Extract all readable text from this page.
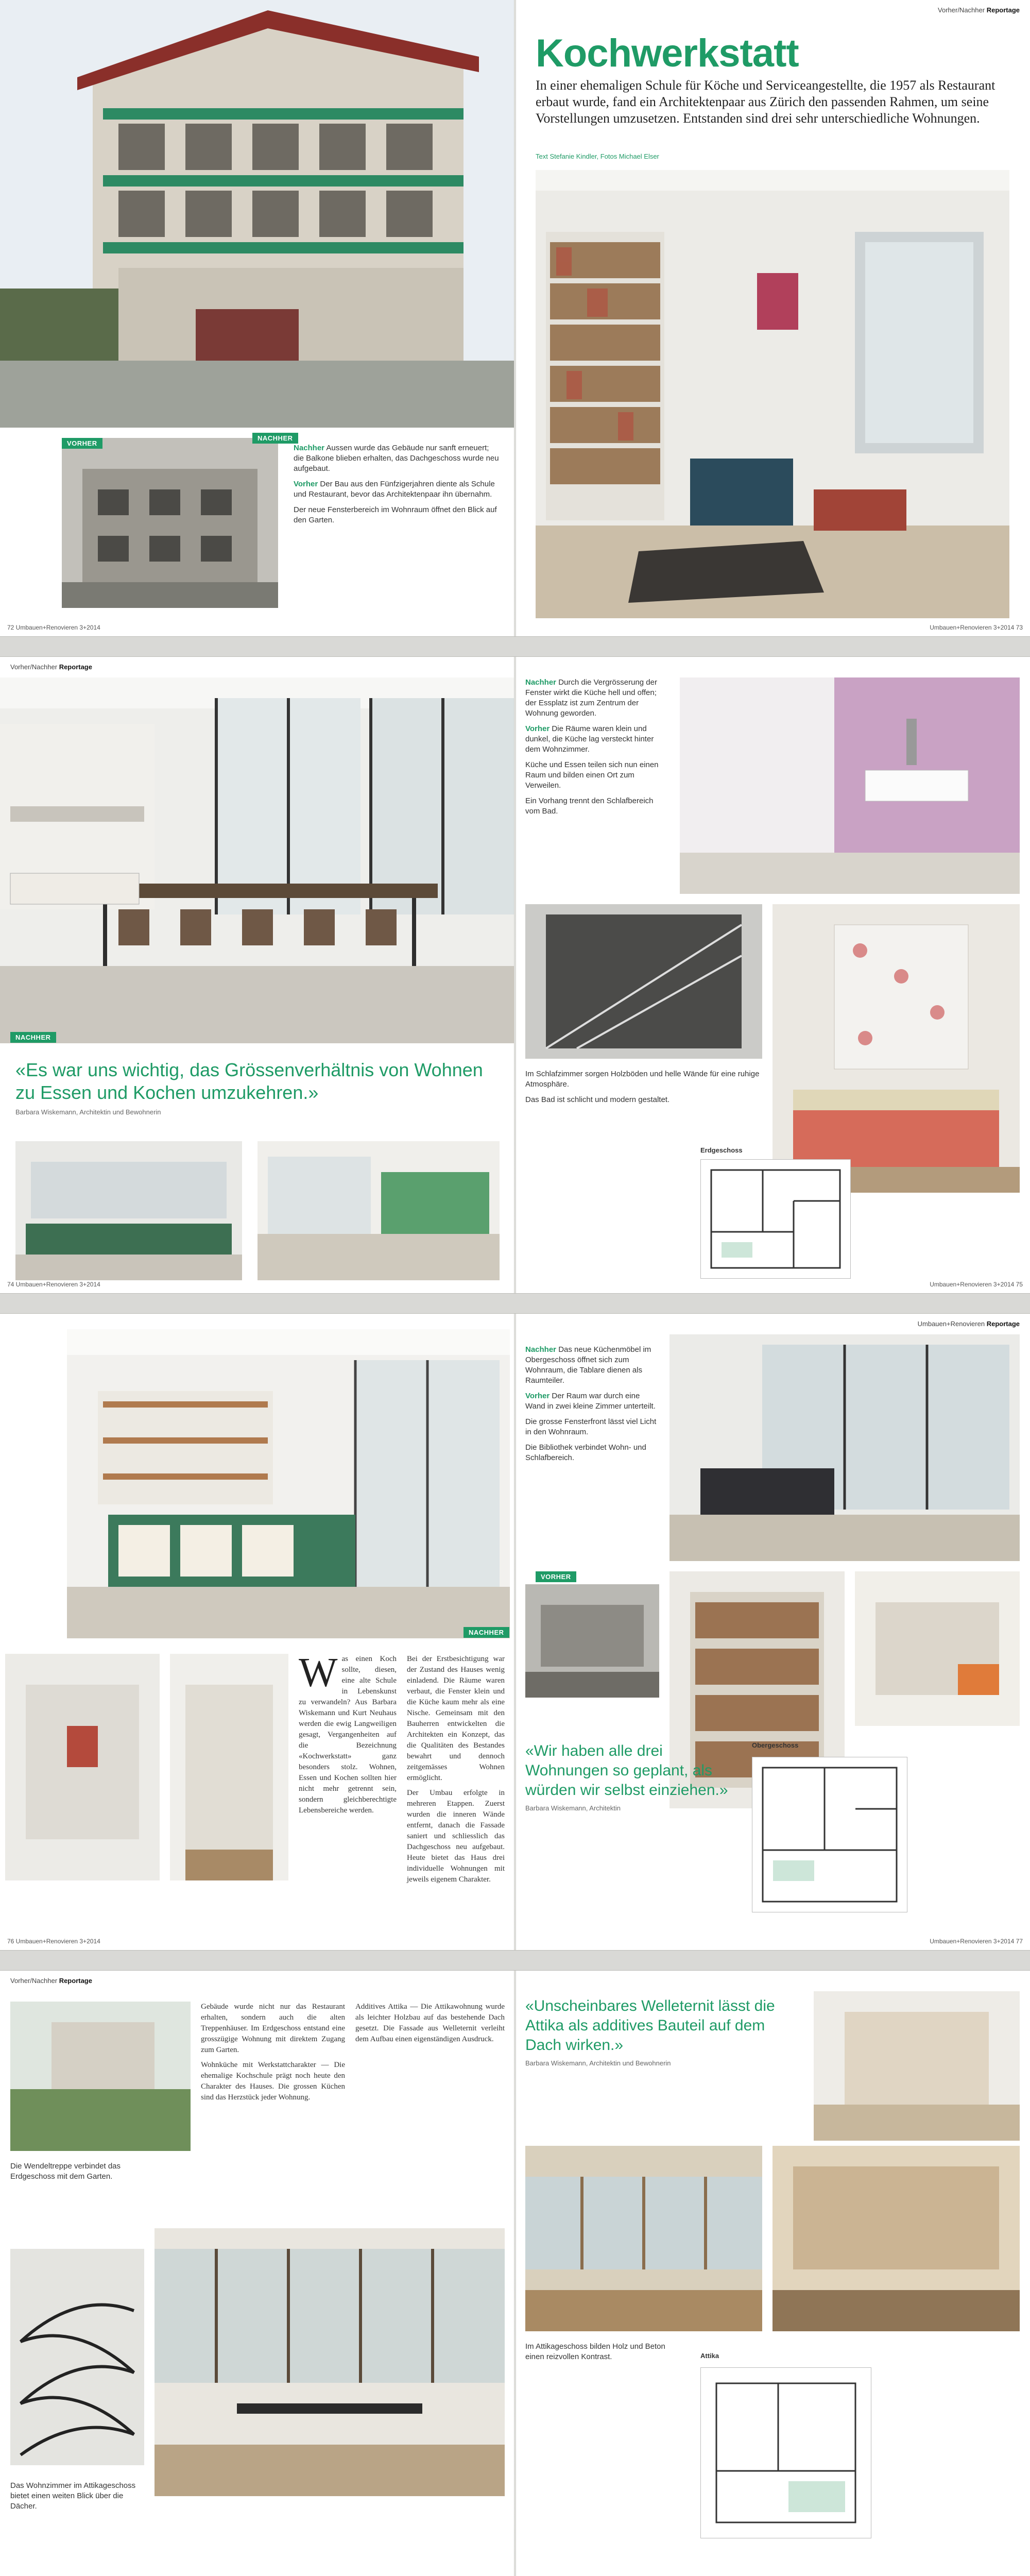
VORHER
NACHHER

Nachher Aussen wurde das Gebäude nur sanft erneuert; die Balkone blieben erhalten, das Dachgeschoss wurde neu aufgebaut.

Vorher Der Bau aus den Fünfzigerjahren diente als Schule und Restaurant, bevor das Architektenpaar ihn übernahm.

Der neue Fensterbereich im Wohnraum öffnet den Blick auf den Garten.

72 Umbauen+Renovieren 3+2014
Vorher/Nachher Reportage
Kochwerkstatt

In einer ehemaligen Schule für Köche und Serviceangestellte, die 1957 als Restaurant erbaut wurde, fand ein Architektenpaar aus Zürich den passenden Rahmen, um seine Vorstellungen umzusetzen. Entstanden sind drei sehr unterschiedliche Wohnungen.

Text Stefanie Kindler, Fotos Michael Elser
Umbauen+Renovieren 3+2014 73
Vorher/Nachher Reportage
NACHHER
«Es war uns wichtig, das Grössenverhältnis von Wohnen zu Essen und Kochen umzukehren.»
Barbara Wiskemann, Architektin und Bewohnerin
74 Umbauen+Renovieren 3+2014

Nachher Durch die Vergrösserung der Fenster wirkt die Küche hell und offen; der Essplatz ist zum Zentrum der Wohnung geworden.

Vorher Die Räume waren klein und dunkel, die Küche lag versteckt hinter dem Wohnzimmer.

Küche und Essen teilen sich nun einen Raum und bilden einen Ort zum Verweilen.

Ein Vorhang trennt den Schlafbereich vom Bad.

Im Schlafzimmer sorgen Holzböden und helle Wände für eine ruhige Atmosphäre.

Das Bad ist schlicht und modern gestaltet.

Erdgeschoss
Umbauen+Renovieren 3+2014 75
NACHHER

Was einen Koch sollte, diesen, eine alte Schule in Lebenskunst zu verwandeln? Aus Barbara Wiskemann und Kurt Neuhaus werden die ewig Langweiligen gesagt, Vergangenheiten auf die Bezeichnung «Kochwerkstatt» ganz besonders stolz. Wohnen, Essen und Kochen sollten hier nicht mehr getrennt sein, sondern gleichberechtigte Lebensbereiche werden.

Bei der Erstbesichtigung war der Zustand des Hauses wenig einladend. Die Räume waren verbaut, die Fenster klein und die Küche kaum mehr als eine Nische. Gemeinsam mit den Bauherren entwickelten die Architekten ein Konzept, das die Qualitäten des Bestandes bewahrt und dennoch zeitgemässes Wohnen ermöglicht.

Der Umbau erfolgte in mehreren Etappen. Zuerst wurden die inneren Wände entfernt, danach die Fassade saniert und schliesslich das Dachgeschoss neu aufgebaut. Heute bietet das Haus drei individuelle Wohnungen mit jeweils eigenem Charakter.

76 Umbauen+Renovieren 3+2014
Umbauen+Renovieren Reportage

Nachher Das neue Küchenmöbel im Obergeschoss öffnet sich zum Wohnraum, die Tablare dienen als Raumteiler.

Vorher Der Raum war durch eine Wand in zwei kleine Zimmer unterteilt.

Die grosse Fensterfront lässt viel Licht in den Wohnraum.

Die Bibliothek verbindet Wohn- und Schlafbereich.

VORHER
«Wir haben alle drei Wohnungen so geplant, als würden wir selbst einziehen.»
Barbara Wiskemann, Architektin
Obergeschoss
Umbauen+Renovieren 3+2014 77
Vorher/Nachher Reportage

Gebäude wurde nicht nur das Restaurant erhalten, sondern auch die alten Treppenhäuser. Im Erdgeschoss entstand eine grosszügige Wohnung mit direktem Zugang zum Garten.

Wohnküche mit Werkstattcharakter — Die ehemalige Kochschule prägt noch heute den Charakter des Hauses. Die grossen Küchen sind das Herzstück jeder Wohnung.

Additives Attika — Die Attikawohnung wurde als leichter Holzbau auf das bestehende Dach gesetzt. Die Fassade aus Welleternit verleiht dem Aufbau einen eigenständigen Ausdruck.

Die Wendeltreppe verbindet das Erdgeschoss mit dem Garten.

Das Wohnzimmer im Attikageschoss bietet einen weiten Blick über die Dächer.

«Unscheinbares Welleternit lässt die Attika als additives Bauteil auf dem Dach wirken.»
Barbara Wiskemann, Architektin und Bewohnerin

Im Attikageschoss bilden Holz und Beton einen reizvollen Kontrast.	Attika
